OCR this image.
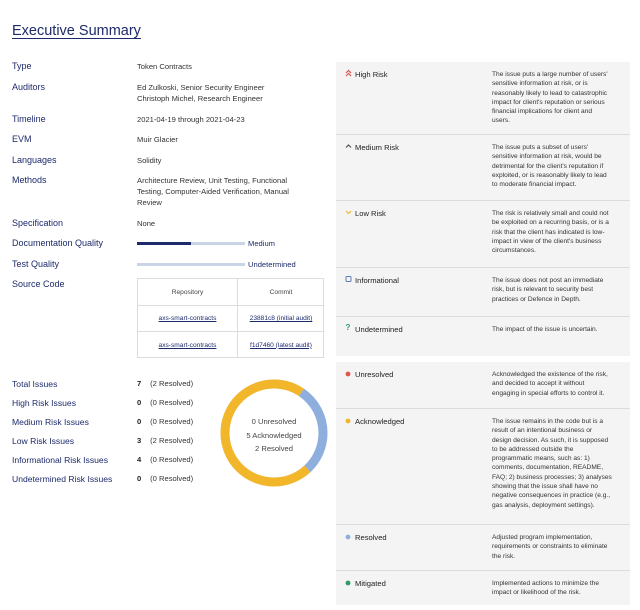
Executive Summary
Type	Token Contracts
Auditors	Ed Zulkoski, Senior Security Engineer
Christoph Michel, Research Engineer
Timeline	2021-04-19 through 2021-04-23
EVM	Muir Glacier
Languages	Solidity
Methods	Architecture Review, Unit Testing, Functional
Testing, Computer-Aided Verification, Manual
Review
Specification	None
Documentation Quality	Medium
Test Quality	Undetermined
Source Code
Repository	Commit
axs-smart-contracts	23881c8 (initial audit)
axs-smart-contracts	f1d7460 (latest audit)
Total Issues	7 (2 Resolved)
High Risk Issues	0 (0 Resolved)
Medium Risk Issues	0 (0 Resolved)
Low Risk Issues	3 (2 Resolved)
Informational Risk Issues	4 (0 Resolved)
Undetermined Risk Issues	0 (0 Resolved)
0 Unresolved
5 Acknowledged
2 Resolved
High Risk	The issue puts a large number of users'
sensitive information at risk, or is
reasonably likely to lead to catastrophic
impact for client's reputation or serious
financial implications for client and
users.
Medium Risk	The issue puts a subset of users'
sensitive information at risk, would be
detrimental for the client's reputation if
exploited, or is reasonably likely to lead
to moderate financial impact.
Low Risk	The risk is relatively small and could not
be exploited on a recurring basis, or is a
risk that the client has indicated is low-
impact in view of the client's business
circumstances.
Informational	The issue does not post an immediate
risk, but is relevant to security best
practices or Defence in Depth.
? Undetermined	The impact of the issue is uncertain.
Unresolved	Acknowledged the existence of the risk,
and decided to accept it without
engaging in special efforts to control it.
Acknowledged	The issue remains in the code but is a
result of an intentional business or
design decision. As such, it is supposed
to be addressed outside the
programmatic means, such as: 1)
comments, documentation, README,
FAQ; 2) business processes; 3) analyses
showing that the issue shall have no
negative consequences in practice (e.g.,
gas analysis, deployment settings).
Resolved	Adjusted program implementation,
requirements or constraints to eliminate
the risk.
Mitigated	Implemented actions to minimize the
impact or likelihood of the risk.
